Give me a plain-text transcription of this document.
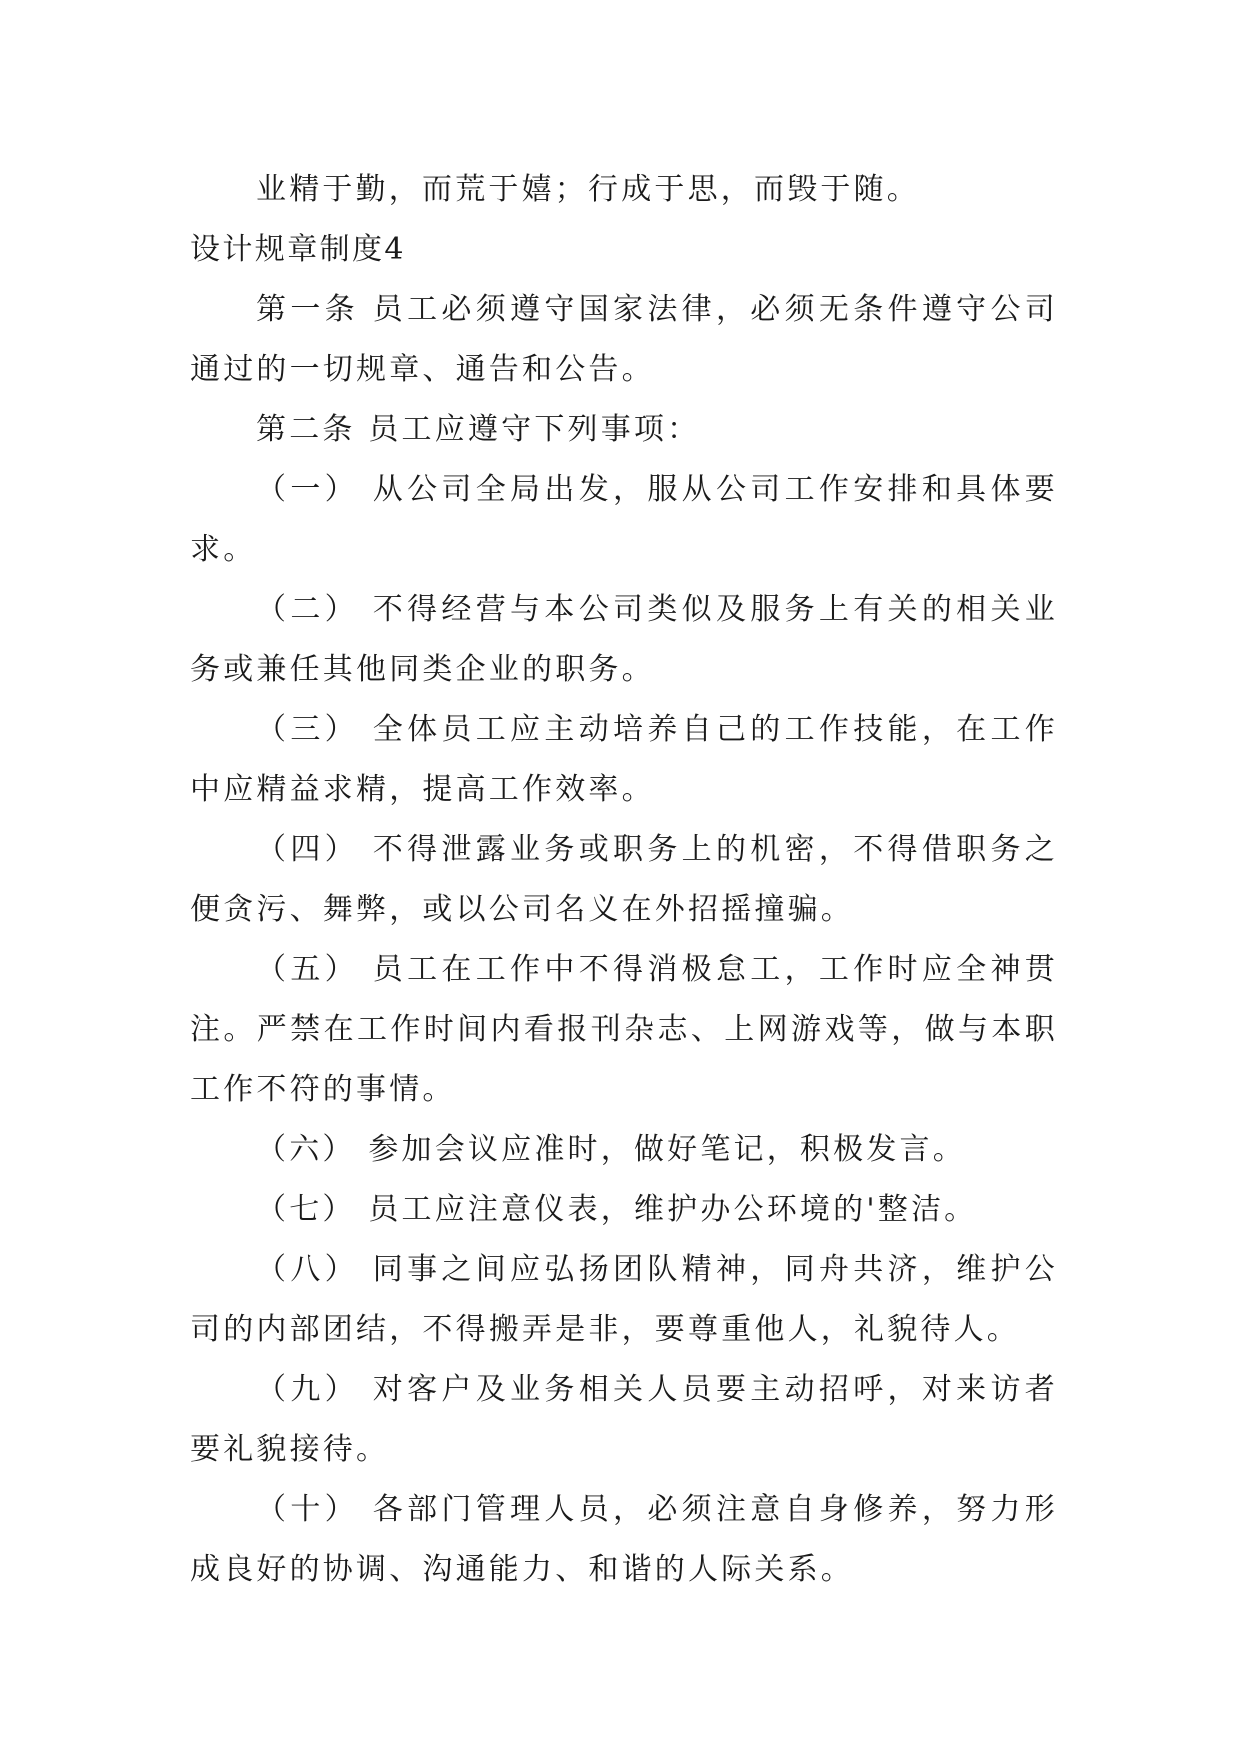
业精于勤，而荒于嬉；行成于思，而毁于随。
设计规章制度4
第一条 员工必须遵守国家法律，必须无条件遵守公司通过的一切规章、通告和公告。
第二条 员工应遵守下列事项：
（一） 从公司全局出发，服从公司工作安排和具体要求。
（二） 不得经营与本公司类似及服务上有关的相关业务或兼任其他同类企业的职务。
（三） 全体员工应主动培养自己的工作技能，在工作中应精益求精，提高工作效率。
（四） 不得泄露业务或职务上的机密，不得借职务之便贪污、舞弊，或以公司名义在外招摇撞骗。
（五） 员工在工作中不得消极怠工，工作时应全神贯注。严禁在工作时间内看报刊杂志、上网游戏等，做与本职工作不符的事情。
（六） 参加会议应准时，做好笔记，积极发言。
（七） 员工应注意仪表，维护办公环境的'整洁。
（八） 同事之间应弘扬团队精神，同舟共济，维护公司的内部团结，不得搬弄是非，要尊重他人，礼貌待人。
（九） 对客户及业务相关人员要主动招呼，对来访者要礼貌接待。
（十） 各部门管理人员，必须注意自身修养，努力形成良好的协调、沟通能力、和谐的人际关系。
